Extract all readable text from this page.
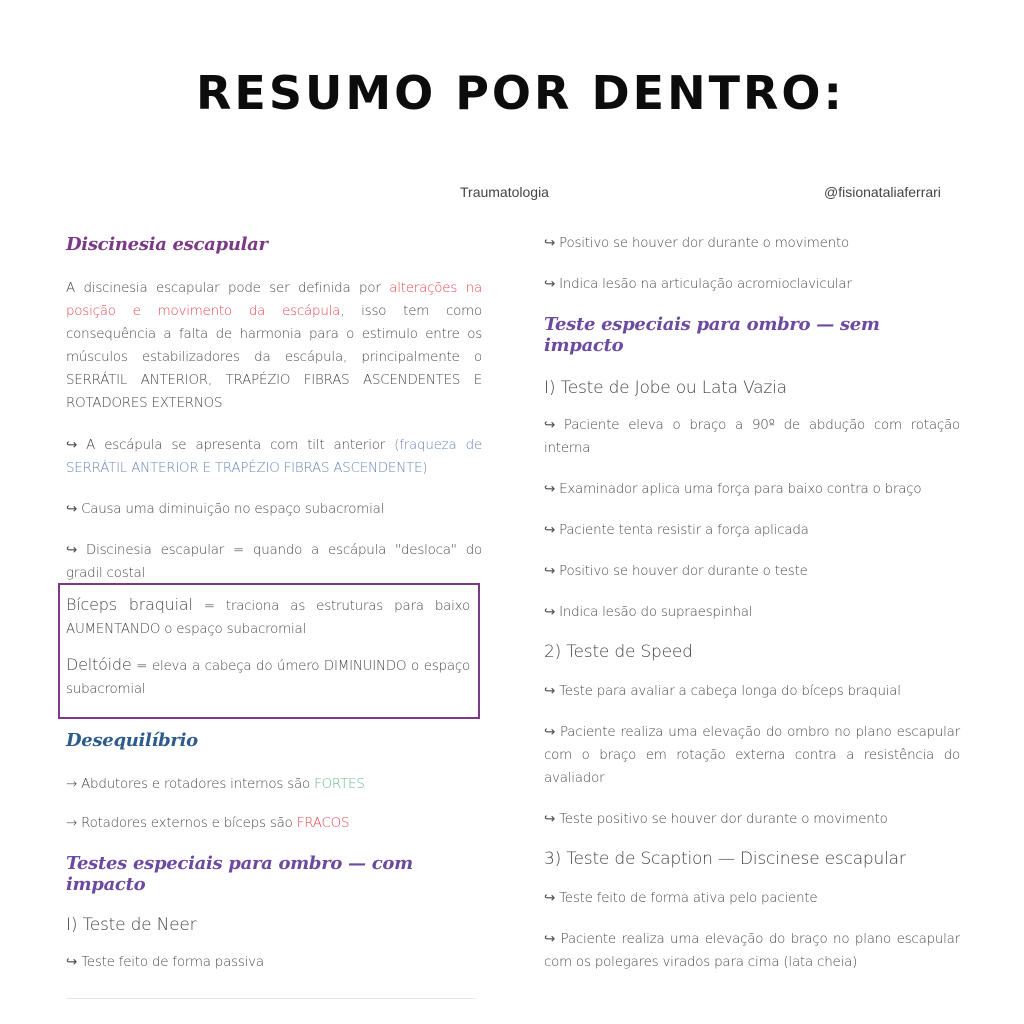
RESUMO POR DENTRO:
Traumatologia	@fisionataliaferrari

Discinesia escapular

A discinesia escapular pode ser definida por alterações na posição e movimento da escápula, isso tem como consequência a falta de harmonia para o estimulo entre os músculos estabilizadores da escápula, principalmente o SERRÁTIL ANTERIOR, TRAPÉZIO FIBRAS ASCENDENTES E ROTADORES EXTERNOS

↪ A escápula se apresenta com tilt anterior (fraqueza de SERRÁTIL ANTERIOR E TRAPÉZIO FIBRAS ASCENDENTE)

↪ Causa uma diminuição no espaço subacromial

↪ Discinesia escapular = quando a escápula "desloca" do gradil costal

Bíceps braquial = traciona as estruturas para baixo AUMENTANDO o espaço subacromial

Deltóide = eleva a cabeça do úmero DIMINUINDO o espaço subacromial

Desequilíbrio

→ Abdutores e rotadores internos são FORTES

→ Rotadores externos e bíceps são FRACOS

Testes especiais para ombro — com impacto

I) Teste de Neer

↪ Teste feito de forma passiva

↪ Positivo se houver dor durante o movimento

↪ Indica lesão na articulação acromioclavicular

Teste especiais para ombro — sem impacto

I) Teste de Jobe ou Lata Vazia

↪ Paciente eleva o braço a 90º de abdução com rotação interna

↪ Examinador aplica uma força para baixo contra o braço

↪ Paciente tenta resistir a força aplicada

↪ Positivo se houver dor durante o teste

↪ Indica lesão do supraespinhal

2) Teste de Speed

↪ Teste para avaliar a cabeça longa do bíceps braquial

↪ Paciente realiza uma elevação do ombro no plano escapular com o braço em rotação externa contra a resistência do avaliador

↪ Teste positivo se houver dor durante o movimento

3) Teste de Scaption — Discinese escapular

↪ Teste feito de forma ativa pelo paciente

↪ Paciente realiza uma elevação do braço no plano escapular com os polegares virados para cima (lata cheia)
